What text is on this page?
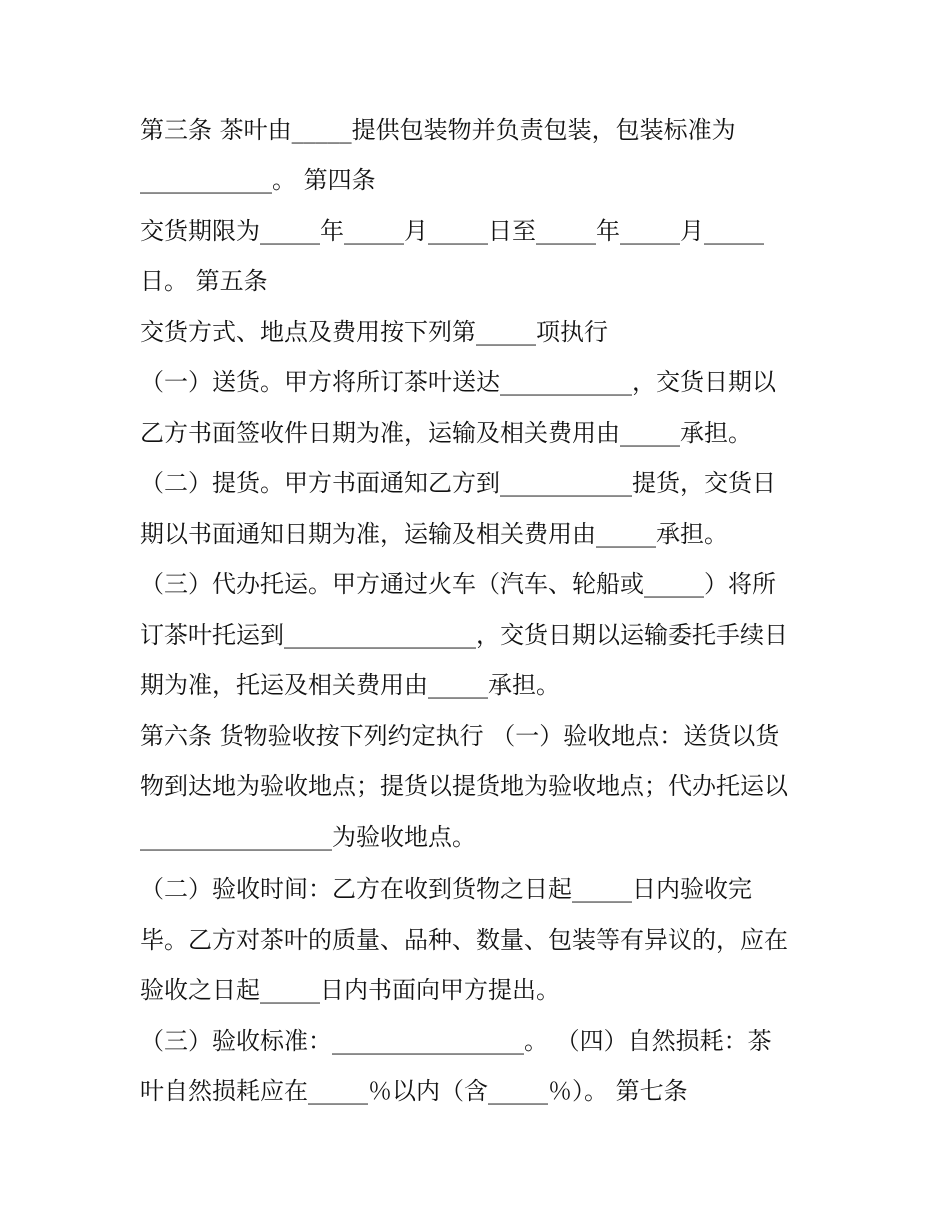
第三条 茶叶由_____提供包装物并负责包装，包装标准为
___________。 第四条
交货期限为_____年_____月_____日至_____年_____月_____
日。 第五条
交货方式、地点及费用按下列第_____项执行
（一）送货。甲方将所订茶叶送达___________，交货日期以
乙方书面签收件日期为准，运输及相关费用由_____承担。
（二）提货。甲方书面通知乙方到___________提货，交货日
期以书面通知日期为准，运输及相关费用由_____承担。
（三）代办托运。甲方通过火车（汽车、轮船或_____）将所
订茶叶托运到________________，交货日期以运输委托手续日
期为准，托运及相关费用由_____承担。
第六条 货物验收按下列约定执行 （一）验收地点：送货以货
物到达地为验收地点；提货以提货地为验收地点；代办托运以
________________为验收地点。
（二）验收时间：乙方在收到货物之日起_____日内验收完
毕。乙方对茶叶的质量、品种、数量、包装等有异议的，应在
验收之日起_____日内书面向甲方提出。
（三）验收标准：________________。 （四）自然损耗：茶
叶自然损耗应在_____％以内（含_____％）。 第七条
